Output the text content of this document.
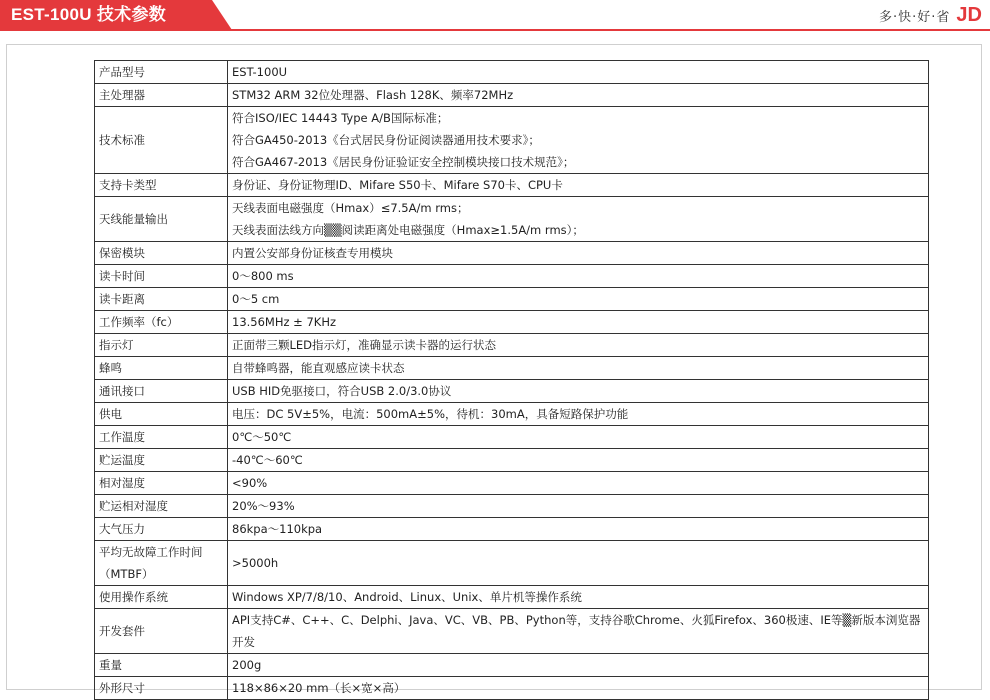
EST-100U 技术参数	多·快·好·省 JD
产品型号	EST-100U

主处理器	STM32 ARM 32位处理器、Flash 128K、频率72MHz

技术标准	符合ISO/IEC 14443 Type A/B国际标准；
符合GA450-2013《台式居民身份证阅读器通用技术要求》；
符合GA467-2013《居民身份证验证安全控制模块接口技术规范》；

支持卡类型	身份证、身份证物理ID、Mifare S50卡、Mifare S70卡、CPU卡

天线能量输出	天线表面电磁强度（Hmax）≤7.5A/m rms；
天线表面法线方向▒▒阅读距离处电磁强度（Hmax≥1.5A/m rms）；

保密模块	内置公安部身份证核查专用模块

读卡时间	0～800 ms

读卡距离	0～5 cm

工作频率（fc）	13.56MHz ± 7KHz

指示灯	正面带三颗LED指示灯，准确显示读卡器的运行状态

蜂鸣	自带蜂鸣器，能直观感应读卡状态

通讯接口	USB HID免驱接口，符合USB 2.0/3.0协议

供电	电压：DC 5V±5%，电流：500mA±5%，待机：30mA，具备短路保护功能

工作温度	0℃～50℃

贮运温度	-40℃～60℃

相对湿度	<90%

贮运相对湿度	20%～93%

大气压力	86kpa～110kpa

平均无故障工作时间（MTBF）	>5000h

使用操作系统	Windows XP/7/8/10、Android、Linux、Unix、单片机等操作系统

开发套件	API支持C#、C++、C、Delphi、Java、VC、VB、PB、Python等，支持谷歌Chrome、火狐Firefox、360极速、IE等▒新版本浏览器开发

重量	200g

外形尺寸	118×86×20 mm（长×宽×高）
